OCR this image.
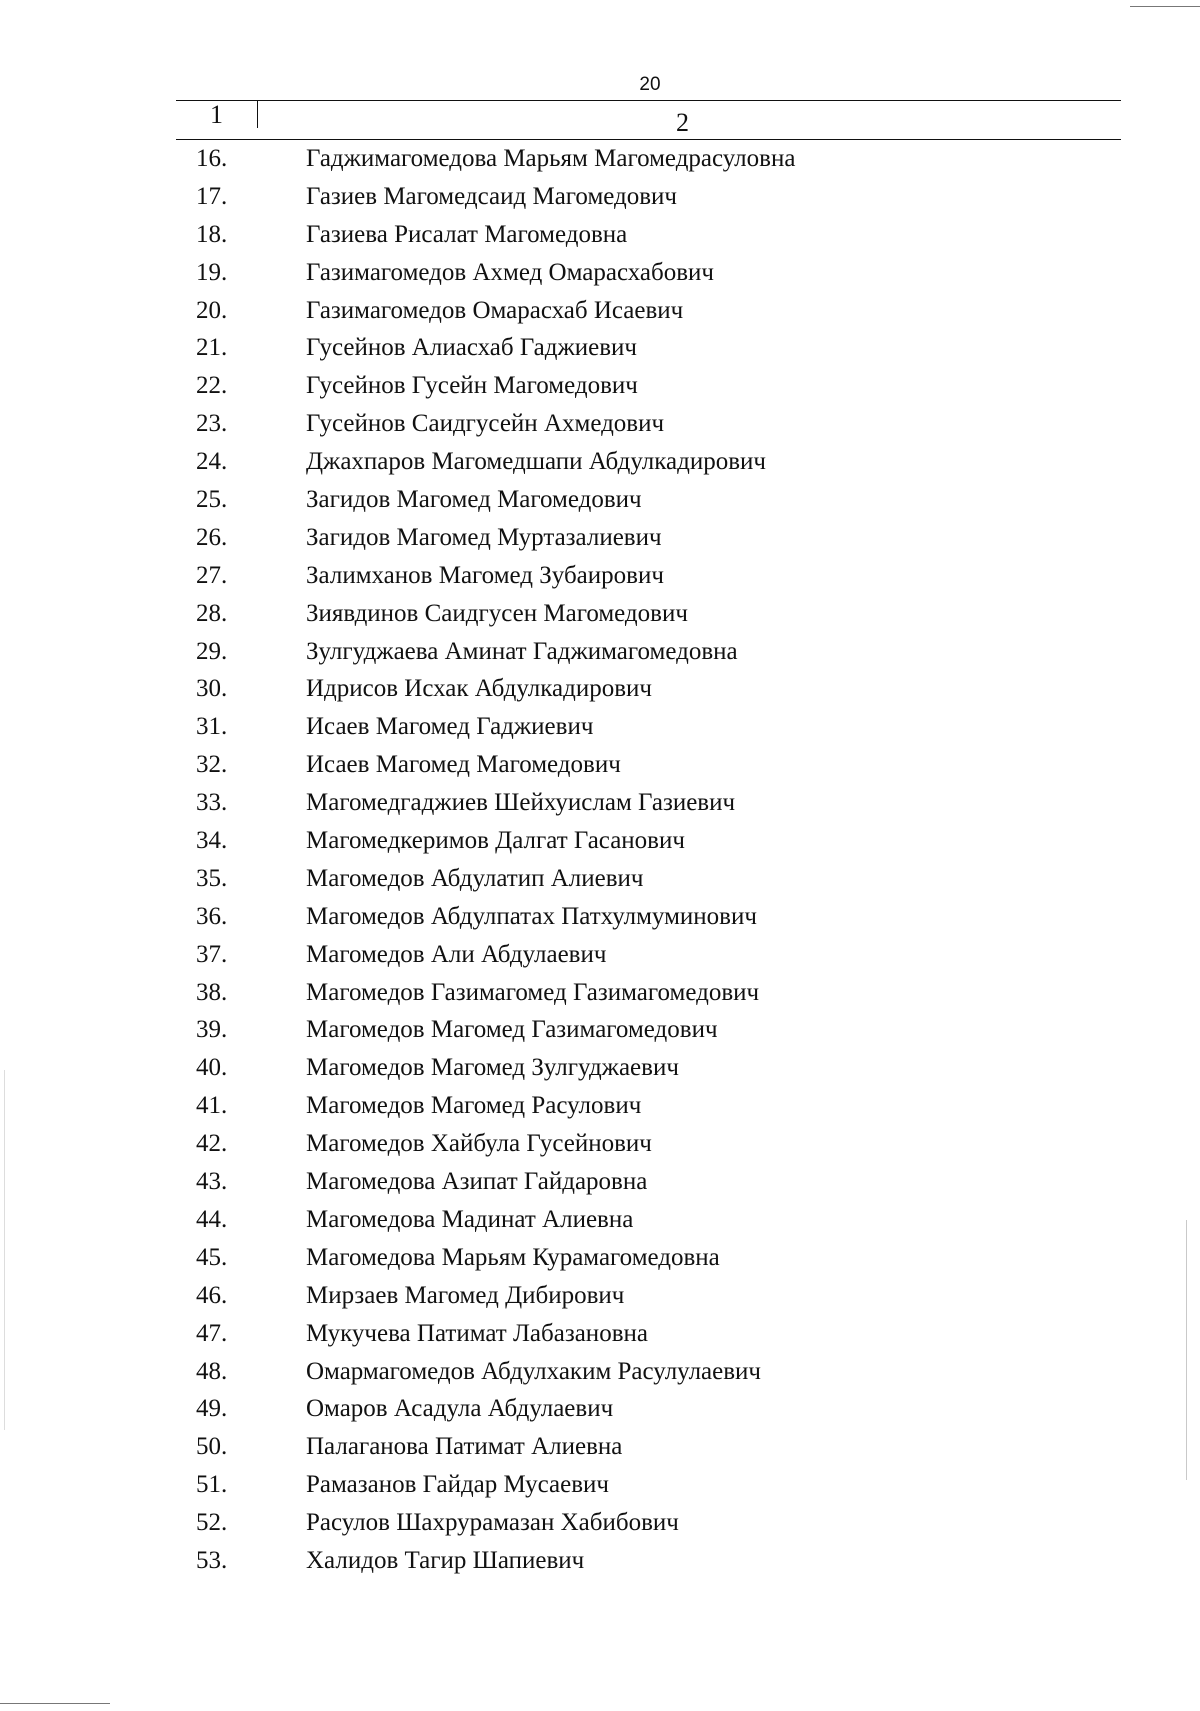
20
1	2
16.	Гаджимагомедова Марьям Магомедрасуловна
17.	Газиев Магомедсаид Магомедович
18.	Газиева Рисалат Магомедовна
19.	Газимагомедов Ахмед Омарасхабович
20.	Газимагомедов Омарасхаб Исаевич
21.	Гусейнов Алиасхаб Гаджиевич
22.	Гусейнов Гусейн Магомедович
23.	Гусейнов Саидгусейн Ахмедович
24.	Джахпаров Магомедшапи Абдулкадирович
25.	Загидов Магомед Магомедович
26.	Загидов Магомед Муртазалиевич
27.	Залимханов Магомед Зубаирович
28.	Зиявдинов Саидгусен Магомедович
29.	Зулгуджаева Аминат Гаджимагомедовна
30.	Идрисов Исхак Абдулкадирович
31.	Исаев Магомед Гаджиевич
32.	Исаев Магомед Магомедович
33.	Магомедгаджиев Шейхуислам Газиевич
34.	Магомедкеримов Далгат Гасанович
35.	Магомедов Абдулатип Алиевич
36.	Магомедов Абдулпатах Патхулмуминович
37.	Магомедов Али Абдулаевич
38.	Магомедов Газимагомед Газимагомедович
39.	Магомедов Магомед Газимагомедович
40.	Магомедов Магомед Зулгуджаевич
41.	Магомедов Магомед Расулович
42.	Магомедов Хайбула Гусейнович
43.	Магомедова Азипат Гайдаровна
44.	Магомедова Мадинат Алиевна
45.	Магомедова Марьям Курамагомедовна
46.	Мирзаев Магомед Дибирович
47.	Мукучева Патимат Лабазановна
48.	Омармагомедов Абдулхаким Расулулаевич
49.	Омаров Асадула Абдулаевич
50.	Палаганова Патимат Алиевна
51.	Рамазанов Гайдар Мусаевич
52.	Расулов Шахрурамазан Хабибович
53.	Халидов Тагир Шапиевич
